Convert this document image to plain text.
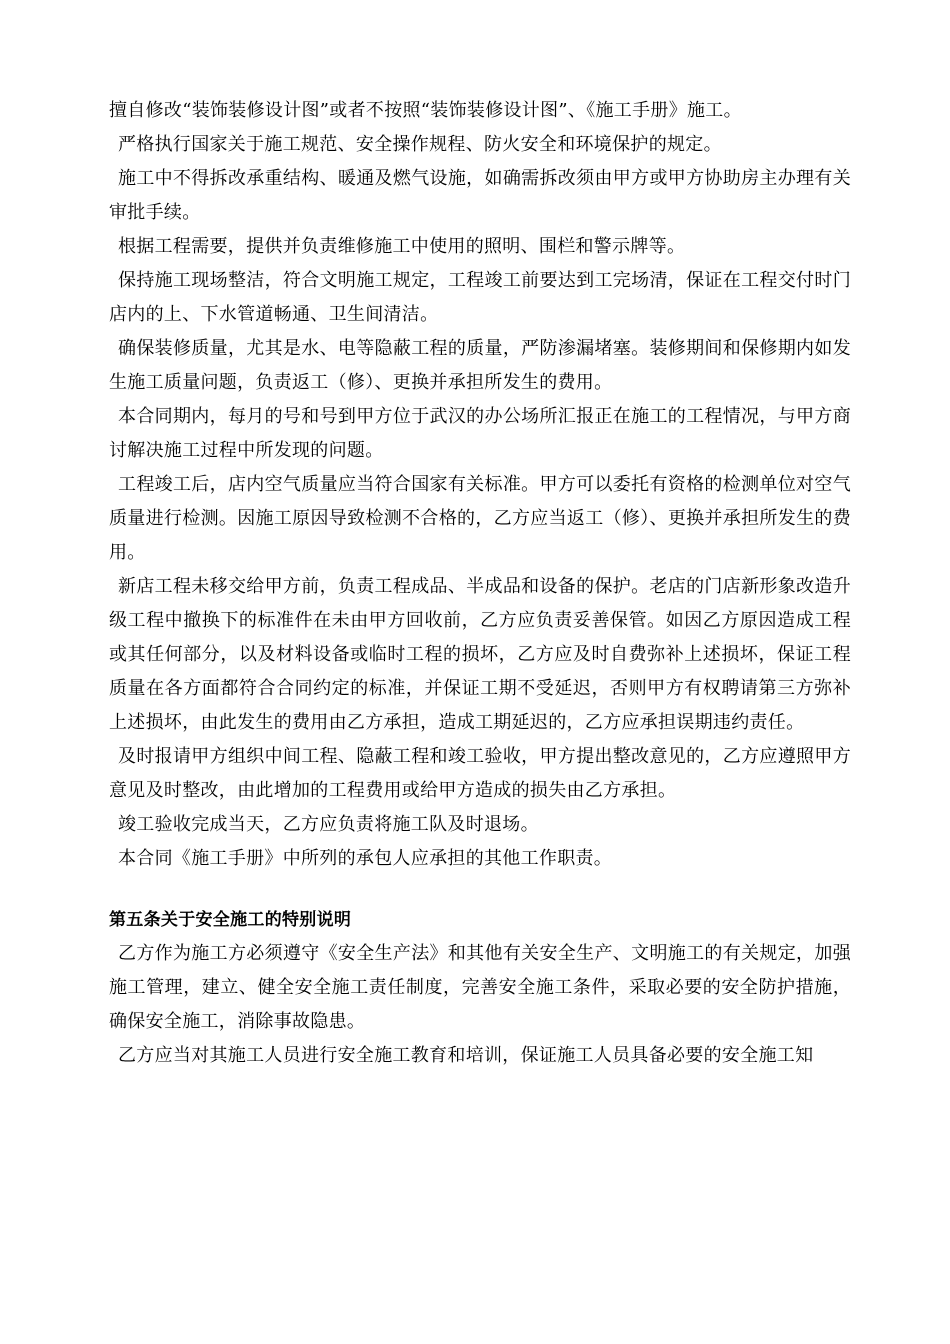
擅自修改“装饰装修设计图”或者不按照“装饰装修设计图”、《施工手册》施工。

严格执行国家关于施工规范、安全操作规程、防火安全和环境保护的规定。

施工中不得拆改承重结构、暖通及燃气设施，如确需拆改须由甲方或甲方协助房主办理有关审批手续。

根据工程需要，提供并负责维修施工中使用的照明、围栏和警示牌等。

保持施工现场整洁，符合文明施工规定，工程竣工前要达到工完场清，保证在工程交付时门店内的上、下水管道畅通、卫生间清洁。

确保装修质量，尤其是水、电等隐蔽工程的质量，严防渗漏堵塞。装修期间和保修期内如发生施工质量问题，负责返工（修）、更换并承担所发生的费用。

本合同期内，每月的号和号到甲方位于武汉的办公场所汇报正在施工的工程情况，与甲方商讨解决施工过程中所发现的问题。

工程竣工后，店内空气质量应当符合国家有关标准。甲方可以委托有资格的检测单位对空气质量进行检测。因施工原因导致检测不合格的，乙方应当返工（修）、更换并承担所发生的费用。

新店工程未移交给甲方前，负责工程成品、半成品和设备的保护。老店的门店新形象改造升级工程中撤换下的标准件在未由甲方回收前，乙方应负责妥善保管。如因乙方原因造成工程或其任何部分，以及材料设备或临时工程的损坏，乙方应及时自费弥补上述损坏，保证工程质量在各方面都符合合同约定的标准，并保证工期不受延迟，否则甲方有权聘请第三方弥补上述损坏，由此发生的费用由乙方承担，造成工期延迟的，乙方应承担误期违约责任。

及时报请甲方组织中间工程、隐蔽工程和竣工验收，甲方提出整改意见的，乙方应遵照甲方意见及时整改，由此增加的工程费用或给甲方造成的损失由乙方承担。

竣工验收完成当天，乙方应负责将施工队及时退场。

本合同《施工手册》中所列的承包人应承担的其他工作职责。

第五条关于安全施工的特别说明

乙方作为施工方必须遵守《安全生产法》和其他有关安全生产、文明施工的有关规定，加强施工管理，建立、健全安全施工责任制度，完善安全施工条件，采取必要的安全防护措施，确保安全施工，消除事故隐患。

乙方应当对其施工人员进行安全施工教育和培训，保证施工人员具备必要的安全施工知
